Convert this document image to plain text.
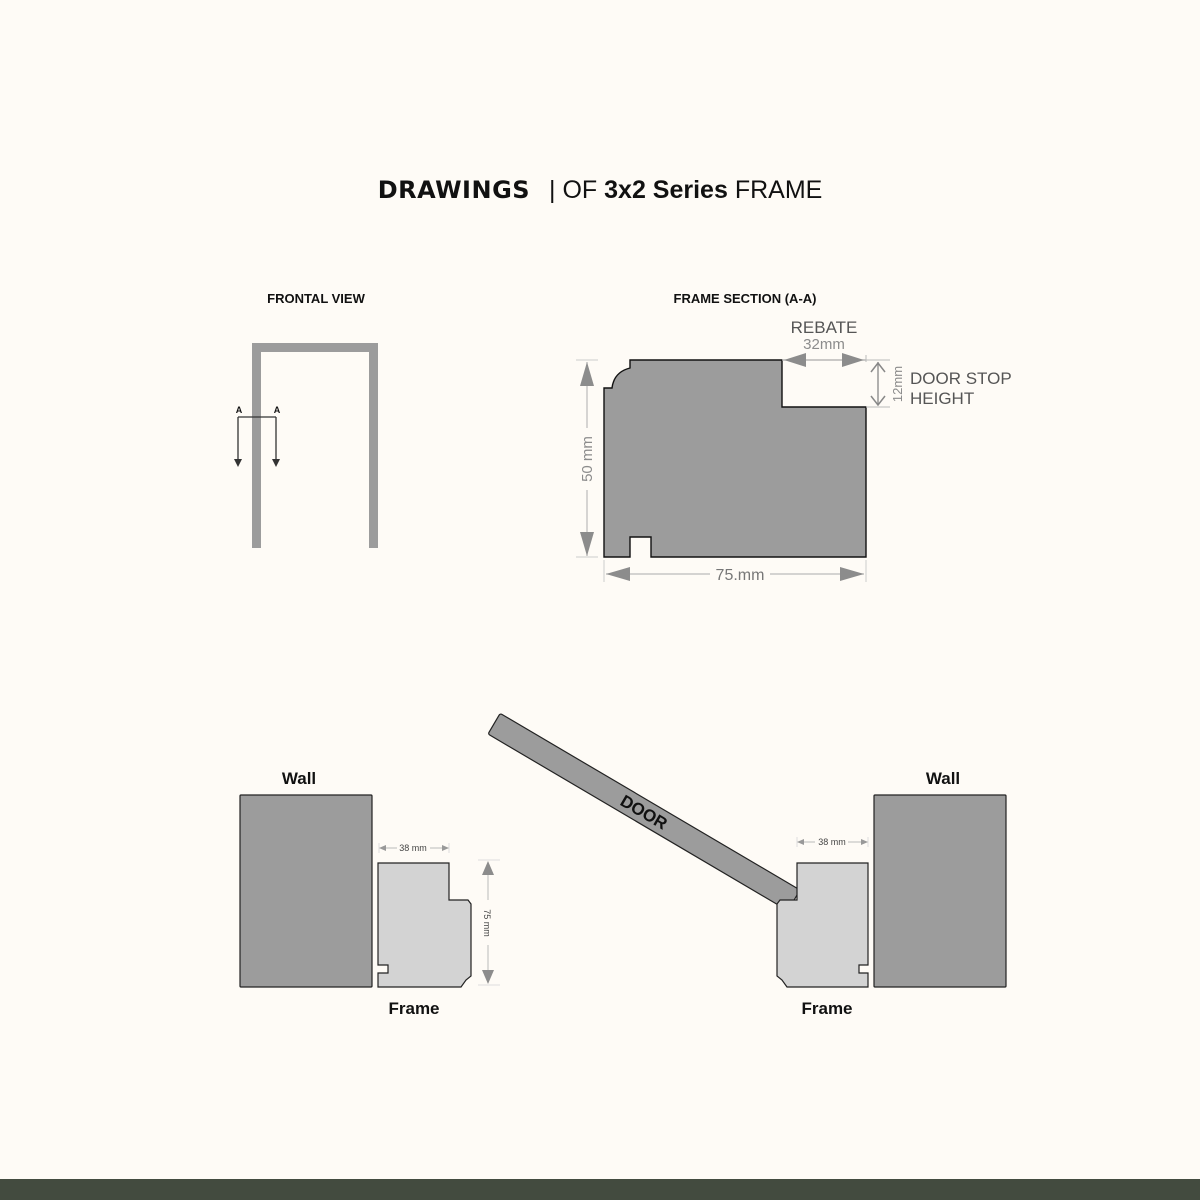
DRAWINGS | OF 3x2 Series FRAME
FRONTAL VIEW
A	A
FRAME SECTION (A-A)
REBATE
32mm
12mm DOOR STOP
HEIGHT
50 mm
75.mm
Wall
38 mm
75 mm
Frame
DOOR
38 mm
Frame
Wall
